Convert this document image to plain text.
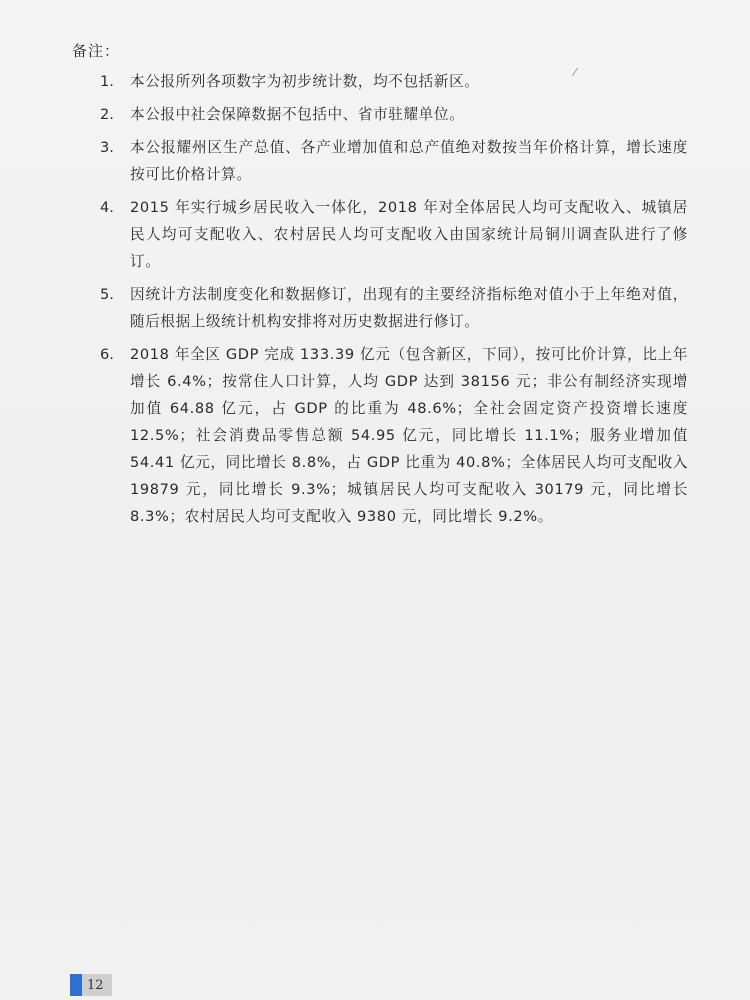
备注：
1.	本公报所列各项数字为初步统计数，均不包括新区。
2.	本公报中社会保障数据不包括中、省市驻耀单位。
3.	本公报耀州区生产总值、各产业增加值和总产值绝对数按当年价格计算，增长速度按可比价格计算。
4.	2015 年实行城乡居民收入一体化，2018 年对全体居民人均可支配收入、城镇居民人均可支配收入、农村居民人均可支配收入由国家统计局铜川调查队进行了修订。
5.	因统计方法制度变化和数据修订，出现有的主要经济指标绝对值小于上年绝对值，随后根据上级统计机构安排将对历史数据进行修订。
6.	2018 年全区 GDP 完成 133.39 亿元（包含新区，下同），按可比价计算，比上年增长 6.4%；按常住人口计算，人均 GDP 达到 38156 元；非公有制经济实现增加值 64.88 亿元，占 GDP 的比重为 48.6%；全社会固定资产投资增长速度 12.5%；社会消费品零售总额 54.95 亿元，同比增长 11.1%；服务业增加值 54.41 亿元，同比增长 8.8%，占 GDP 比重为 40.8%；全体居民人均可支配收入 19879 元，同比增长 9.3%；城镇居民人均可支配收入 30179 元，同比增长 8.3%；农村居民人均可支配收入 9380 元，同比增长 9.2%。
⁄
12
